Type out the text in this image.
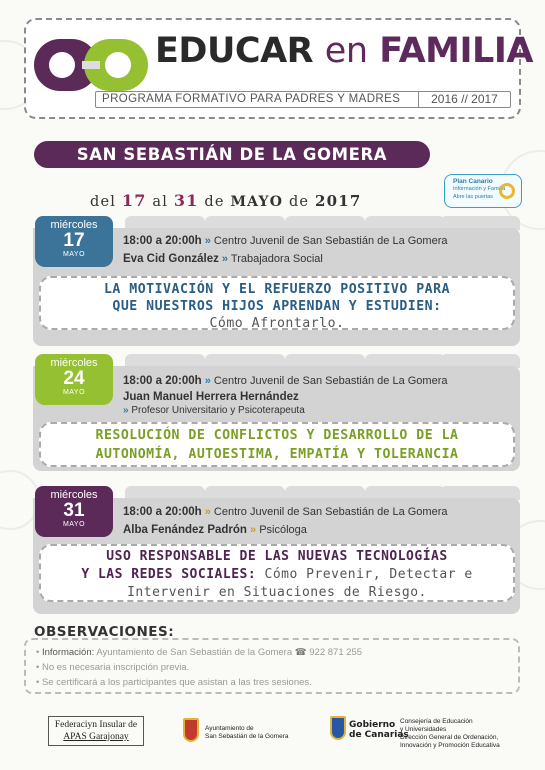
EDUCAR en FAMILIA
PROGRAMA FORMATIVO PARA PADRES Y MADRES	2016 // 2017
SAN SEBASTIÁN DE LA GOMERA
del 17 al 31 de MAYO de 2017
Plan Canario
Información y Familia
Abre las puertas
miércoles
17
MAYO
18:00 a 20:00h » Centro Juvenil de San Sebastián de La Gomera
Eva Cid González » Trabajadora Social
LA MOTIVACIÓN Y EL REFUERZO POSITIVO PARA
QUE NUESTROS HIJOS APRENDAN Y ESTUDIEN:
Cómo Afrontarlo.
miércoles
24
MAYO
18:00 a 20:00h » Centro Juvenil de San Sebastián de La Gomera
Juan Manuel Herrera Hernández
» Profesor Universitario y Psicoterapeuta
RESOLUCIÓN DE CONFLICTOS Y DESARROLLO DE LA
AUTONOMÍA, AUTOESTIMA, EMPATÍA Y TOLERANCIA
miércoles
31
MAYO
18:00 a 20:00h » Centro Juvenil de San Sebastián de La Gomera
Alba Fenández Padrón » Psicóloga
USO RESPONSABLE DE LAS NUEVAS TECNOLOGÍAS
Y LAS REDES SOCIALES: Cómo Prevenir, Detectar e
Intervenir en Situaciones de Riesgo.
OBSERVACIONES:
• Información: Ayuntamiento de San Sebastián de la Gomera ☎ 922 871 255
• No es necesaria inscripción previa.
• Se certificará a los participantes que asistan a las tres sesiones.
Federaciyn Insular de
APAS Garajonay
Ayuntamiento de
San Sebastián de la Gomera
Gobierno
de Canarias
Consejería de Educación
y Universidades
Dirección General de Ordenación,
Innovación y Promoción Educativa
